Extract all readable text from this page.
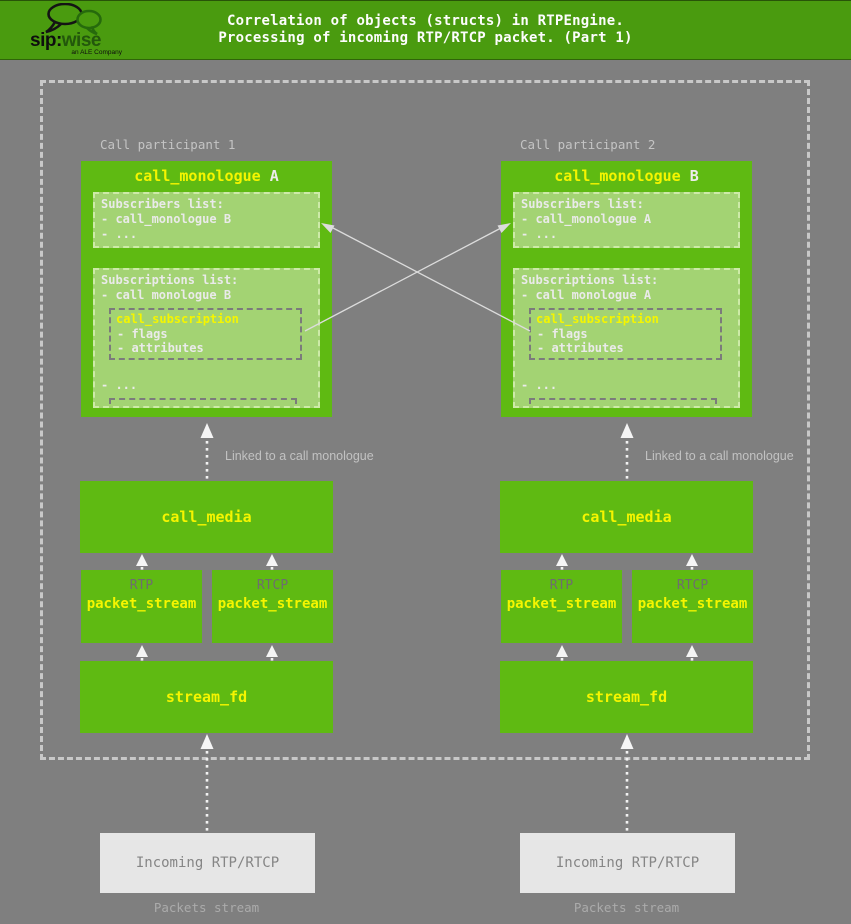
sip:wise
an ALE Company
Correlation of objects (structs) in RTPEngine.
Processing of incoming RTP/RTCP packet. (Part 1)
Call participant 1
call_monologue A
Subscribers list:
- call_monologue B
- ...
Subscriptions list:
- call monologue B
call_subscription
- flags
- attributes
- ...
Linked to a call monologue
call_media
RTP
packet_stream
RTCP
packet_stream
stream_fd
Incoming RTP/RTCP
Packets stream
Call participant 2
call_monologue B
Subscribers list:
- call_monologue A
- ...
Subscriptions list:
- call monologue A
call_subscription
- flags
- attributes
- ...
Linked to a call monologue
call_media
RTP
packet_stream
RTCP
packet_stream
stream_fd
Incoming RTP/RTCP
Packets stream
